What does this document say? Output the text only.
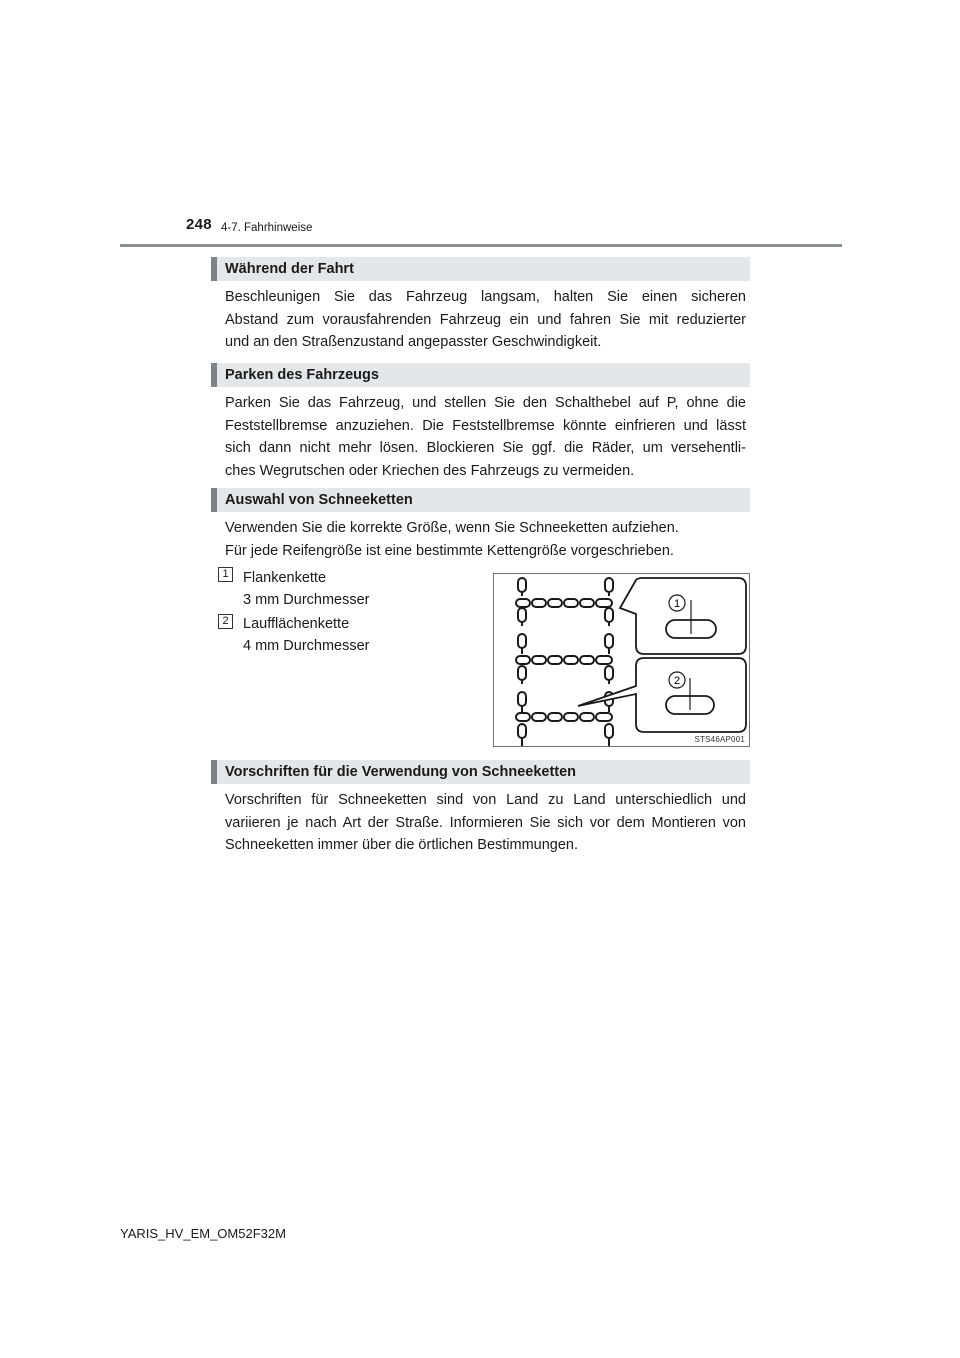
248 4-7. Fahrhinweise
Während der Fahrt
Beschleunigen Sie das Fahrzeug langsam, halten Sie einen sicheren
Abstand zum vorausfahrenden Fahrzeug ein und fahren Sie mit reduzierter
und an den Straßenzustand angepasster Geschwindigkeit.
Parken des Fahrzeugs
Parken Sie das Fahrzeug, und stellen Sie den Schalthebel auf P, ohne die
Feststellbremse anzuziehen. Die Feststellbremse könnte einfrieren und lässt
sich dann nicht mehr lösen. Blockieren Sie ggf. die Räder, um versehentli-
ches Wegrutschen oder Kriechen des Fahrzeugs zu vermeiden.
Auswahl von Schneeketten
Verwenden Sie die korrekte Größe, wenn Sie Schneeketten aufziehen.
Für jede Reifengröße ist eine bestimmte Kettengröße vorgeschrieben.
1 Flankenkette
3 mm Durchmesser
2 Laufflächenkette
4 mm Durchmesser
1
2
STS46AP001
Vorschriften für die Verwendung von Schneeketten
Vorschriften für Schneeketten sind von Land zu Land unterschiedlich und
variieren je nach Art der Straße. Informieren Sie sich vor dem Montieren von
Schneeketten immer über die örtlichen Bestimmungen.
YARIS_HV_EM_OM52F32M
